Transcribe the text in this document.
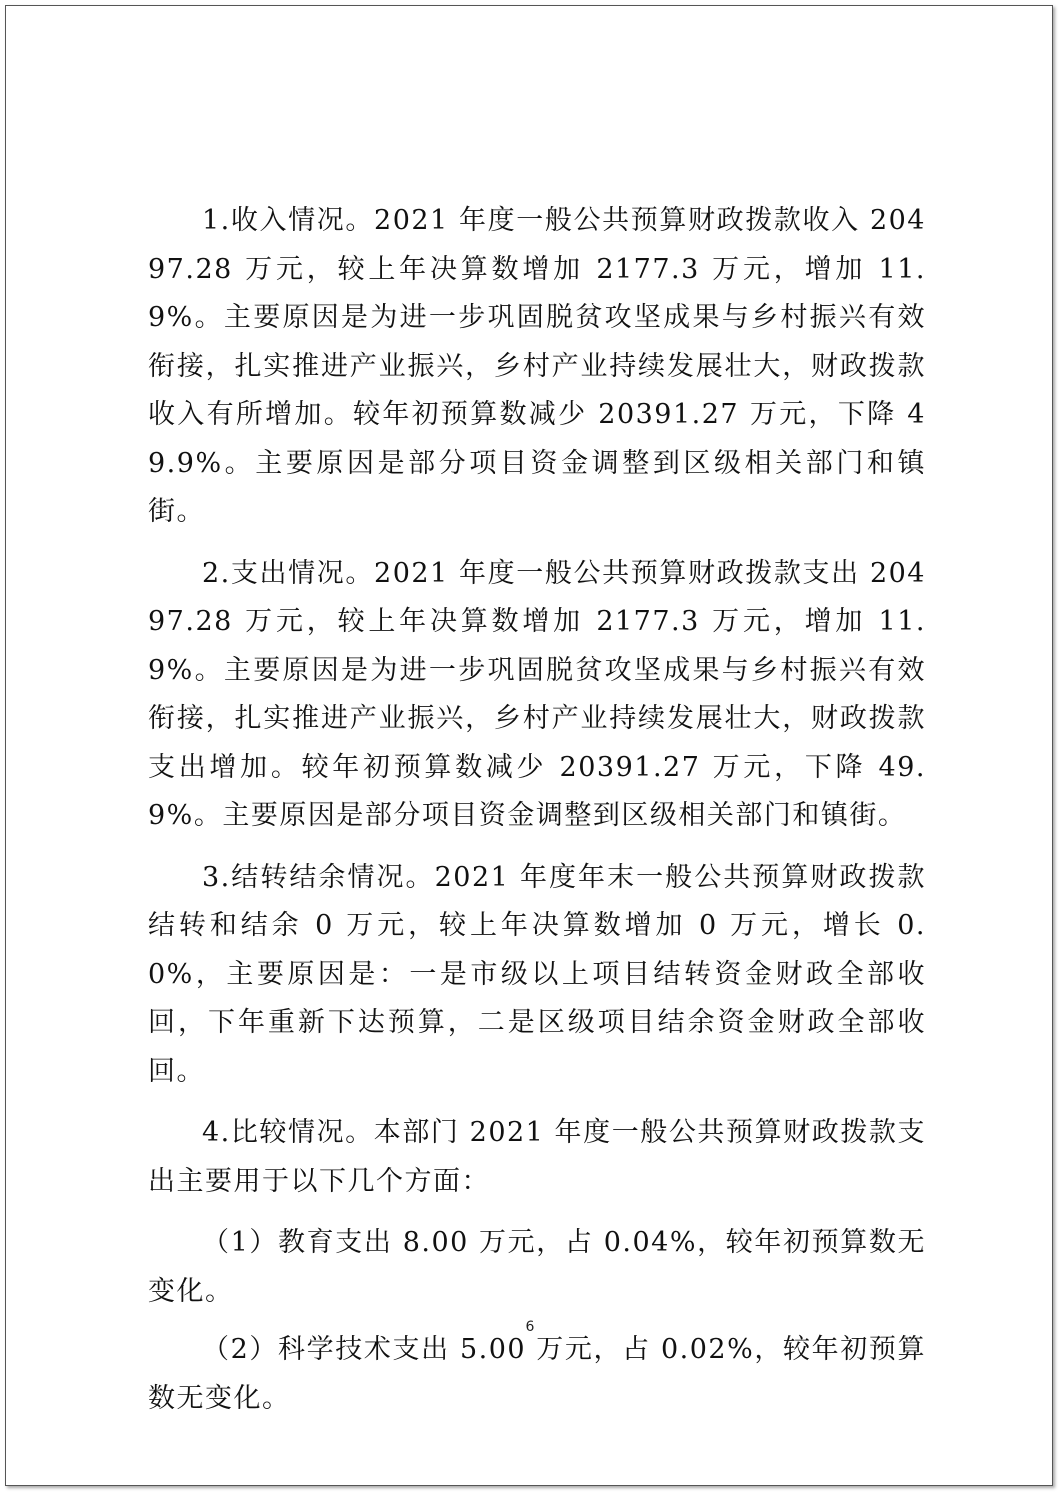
1.收入情况。2021 年度一般公共预算财政拨款收入 20497.28 万元，较上年决算数增加 2177.3 万元，增加 11.9%。主要原因是为进一步巩固脱贫攻坚成果与乡村振兴有效衔接，扎实推进产业振兴，乡村产业持续发展壮大，财政拨款收入有所增加。较年初预算数减少 20391.27 万元，下降 49.9%。主要原因是部分项目资金调整到区级相关部门和镇街。

2.支出情况。2021 年度一般公共预算财政拨款支出 20497.28 万元，较上年决算数增加 2177.3 万元，增加 11.9%。主要原因是为进一步巩固脱贫攻坚成果与乡村振兴有效衔接，扎实推进产业振兴，乡村产业持续发展壮大，财政拨款支出增加。较年初预算数减少 20391.27 万元，下降 49.9%。主要原因是部分项目资金调整到区级相关部门和镇街。

3.结转结余情况。2021 年度年末一般公共预算财政拨款结转和结余 0 万元，较上年决算数增加 0 万元，增长 0.0%，主要原因是：一是市级以上项目结转资金财政全部收回，下年重新下达预算，二是区级项目结余资金财政全部收回。

4.比较情况。本部门 2021 年度一般公共预算财政拨款支出主要用于以下几个方面：

（1）教育支出 8.00 万元，占 0.04%，较年初预算数无变化。

（2）科学技术支出 5.00 万元，占 0.02%，较年初预算数无变化。

6
